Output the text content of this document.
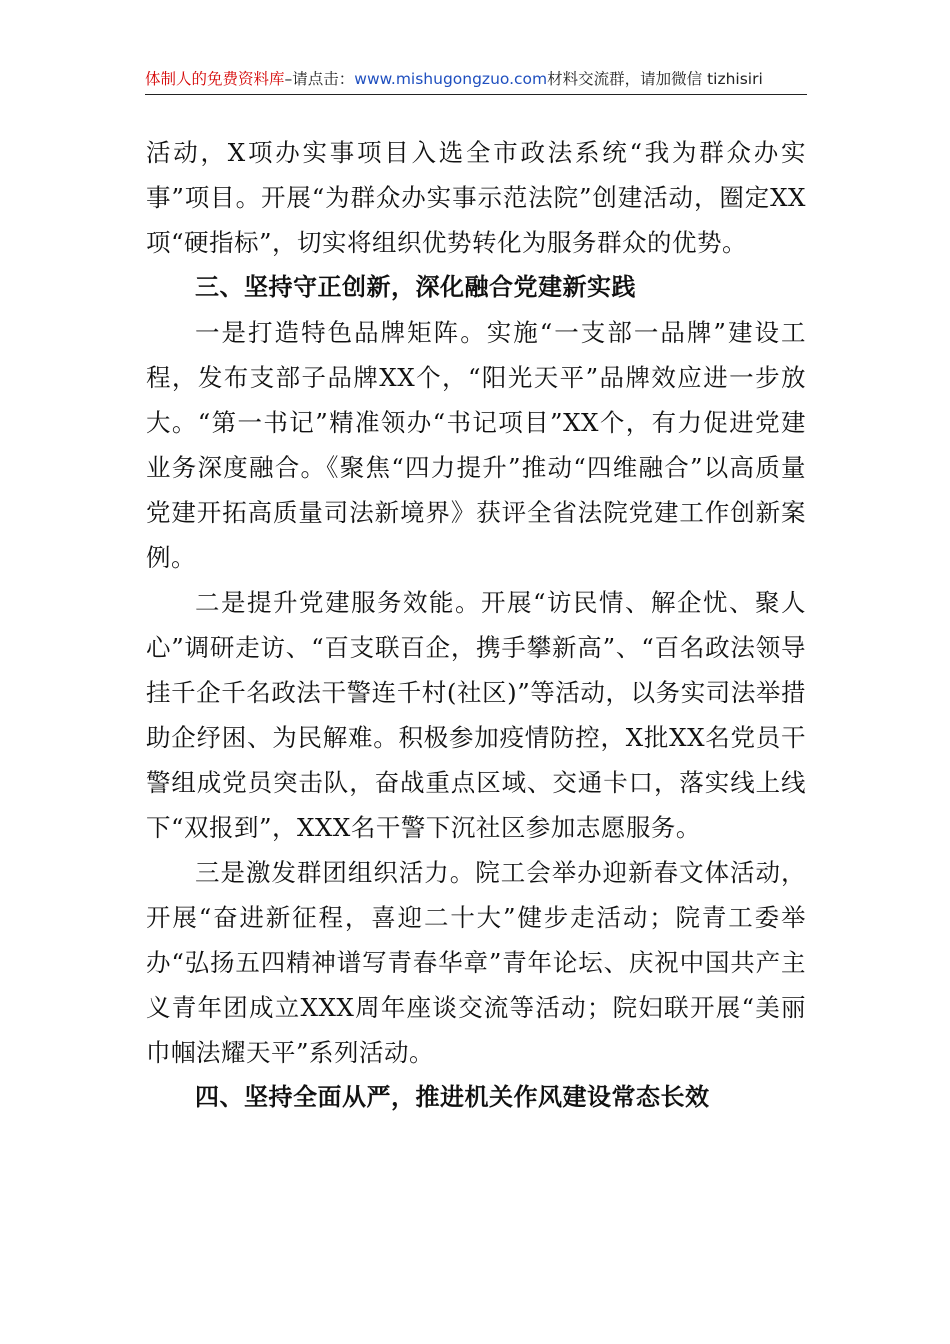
体制人的免费资料库–请点击：www.mishugongzuo.com材料交流群，请加微信 tizhisiri

活动，X项办实事项目入选全市政法系统“我为群众办实事”项目。开展“为群众办实事示范法院”创建活动，圈定XX项“硬指标”，切实将组织优势转化为服务群众的优势。

三、坚持守正创新，深化融合党建新实践

一是打造特色品牌矩阵。实施“一支部一品牌”建设工程，发布支部子品牌XX个，“阳光天平”品牌效应进一步放大。“第一书记”精准领办“书记项目”XX个，有力促进党建业务深度融合。《聚焦“四力提升”推动“四维融合”以高质量党建开拓高质量司法新境界》获评全省法院党建工作创新案例。

二是提升党建服务效能。开展“访民情、解企忧、聚人心”调研走访、“百支联百企，携手攀新高”、“百名政法领导挂千企千名政法干警连千村(社区)”等活动，以务实司法举措助企纾困、为民解难。积极参加疫情防控，X批XX名党员干警组成党员突击队，奋战重点区域、交通卡口，落实线上线下“双报到”，XXX名干警下沉社区参加志愿服务。

三是激发群团组织活力。院工会举办迎新春文体活动，开展“奋进新征程，喜迎二十大”健步走活动；院青工委举办“弘扬五四精神谱写青春华章”青年论坛、庆祝中国共产主义青年团成立XXX周年座谈交流等活动；院妇联开展“美丽巾帼法耀天平”系列活动。

四、坚持全面从严，推进机关作风建设常态长效
